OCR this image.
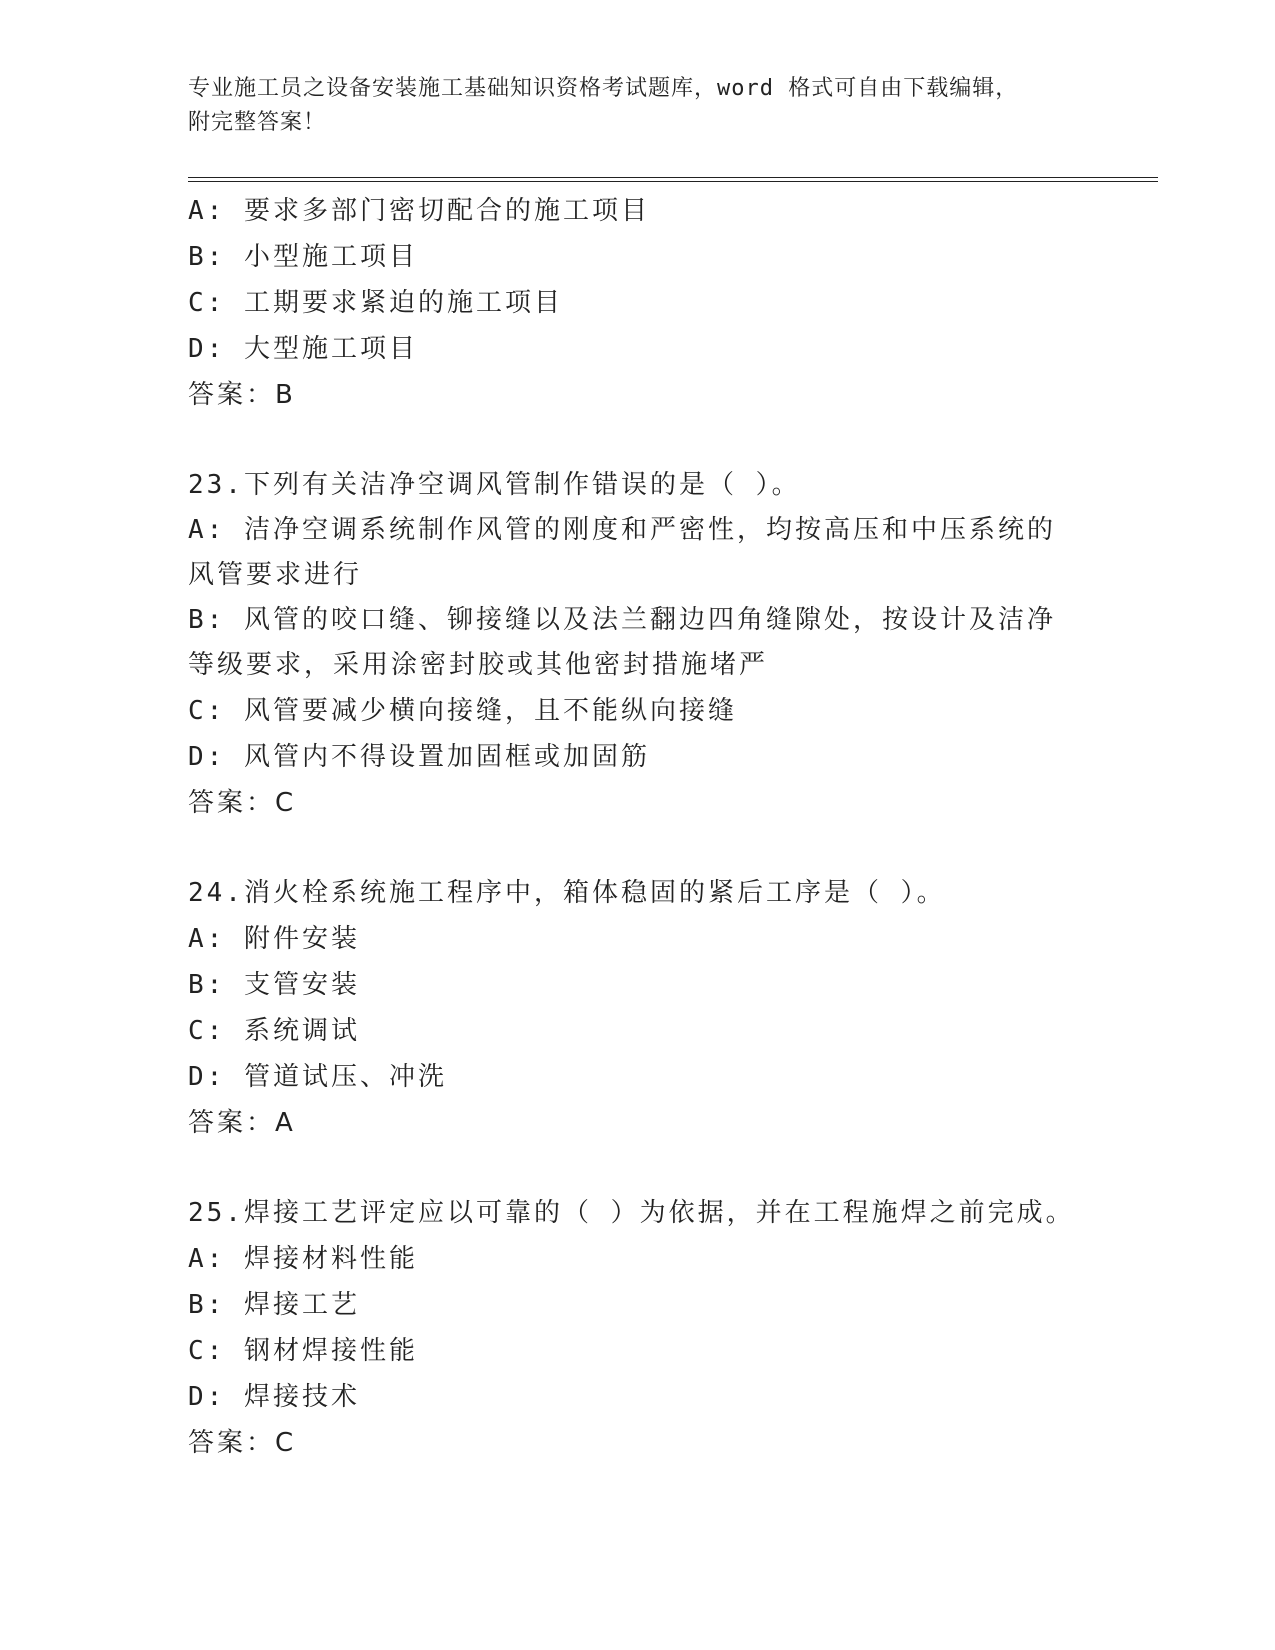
专业施工员之设备安装施工基础知识资格考试题库，word 格式可自由下载编辑，
附完整答案！
A: 要求多部门密切配合的施工项目
B: 小型施工项目
C: 工期要求紧迫的施工项目
D: 大型施工项目
答案：B
23.下列有关洁净空调风管制作错误的是（ ）。
A: 洁净空调系统制作风管的刚度和严密性，均按高压和中压系统的风管要求进行
B: 风管的咬口缝、铆接缝以及法兰翻边四角缝隙处，按设计及洁净等级要求，采用涂密封胶或其他密封措施堵严
C: 风管要减少横向接缝，且不能纵向接缝
D: 风管内不得设置加固框或加固筋
答案：C
24.消火栓系统施工程序中，箱体稳固的紧后工序是（ ）。
A: 附件安装
B: 支管安装
C: 系统调试
D: 管道试压、冲洗
答案：A
25.焊接工艺评定应以可靠的（ ）为依据，并在工程施焊之前完成。
A: 焊接材料性能
B: 焊接工艺
C: 钢材焊接性能
D: 焊接技术
答案：C
